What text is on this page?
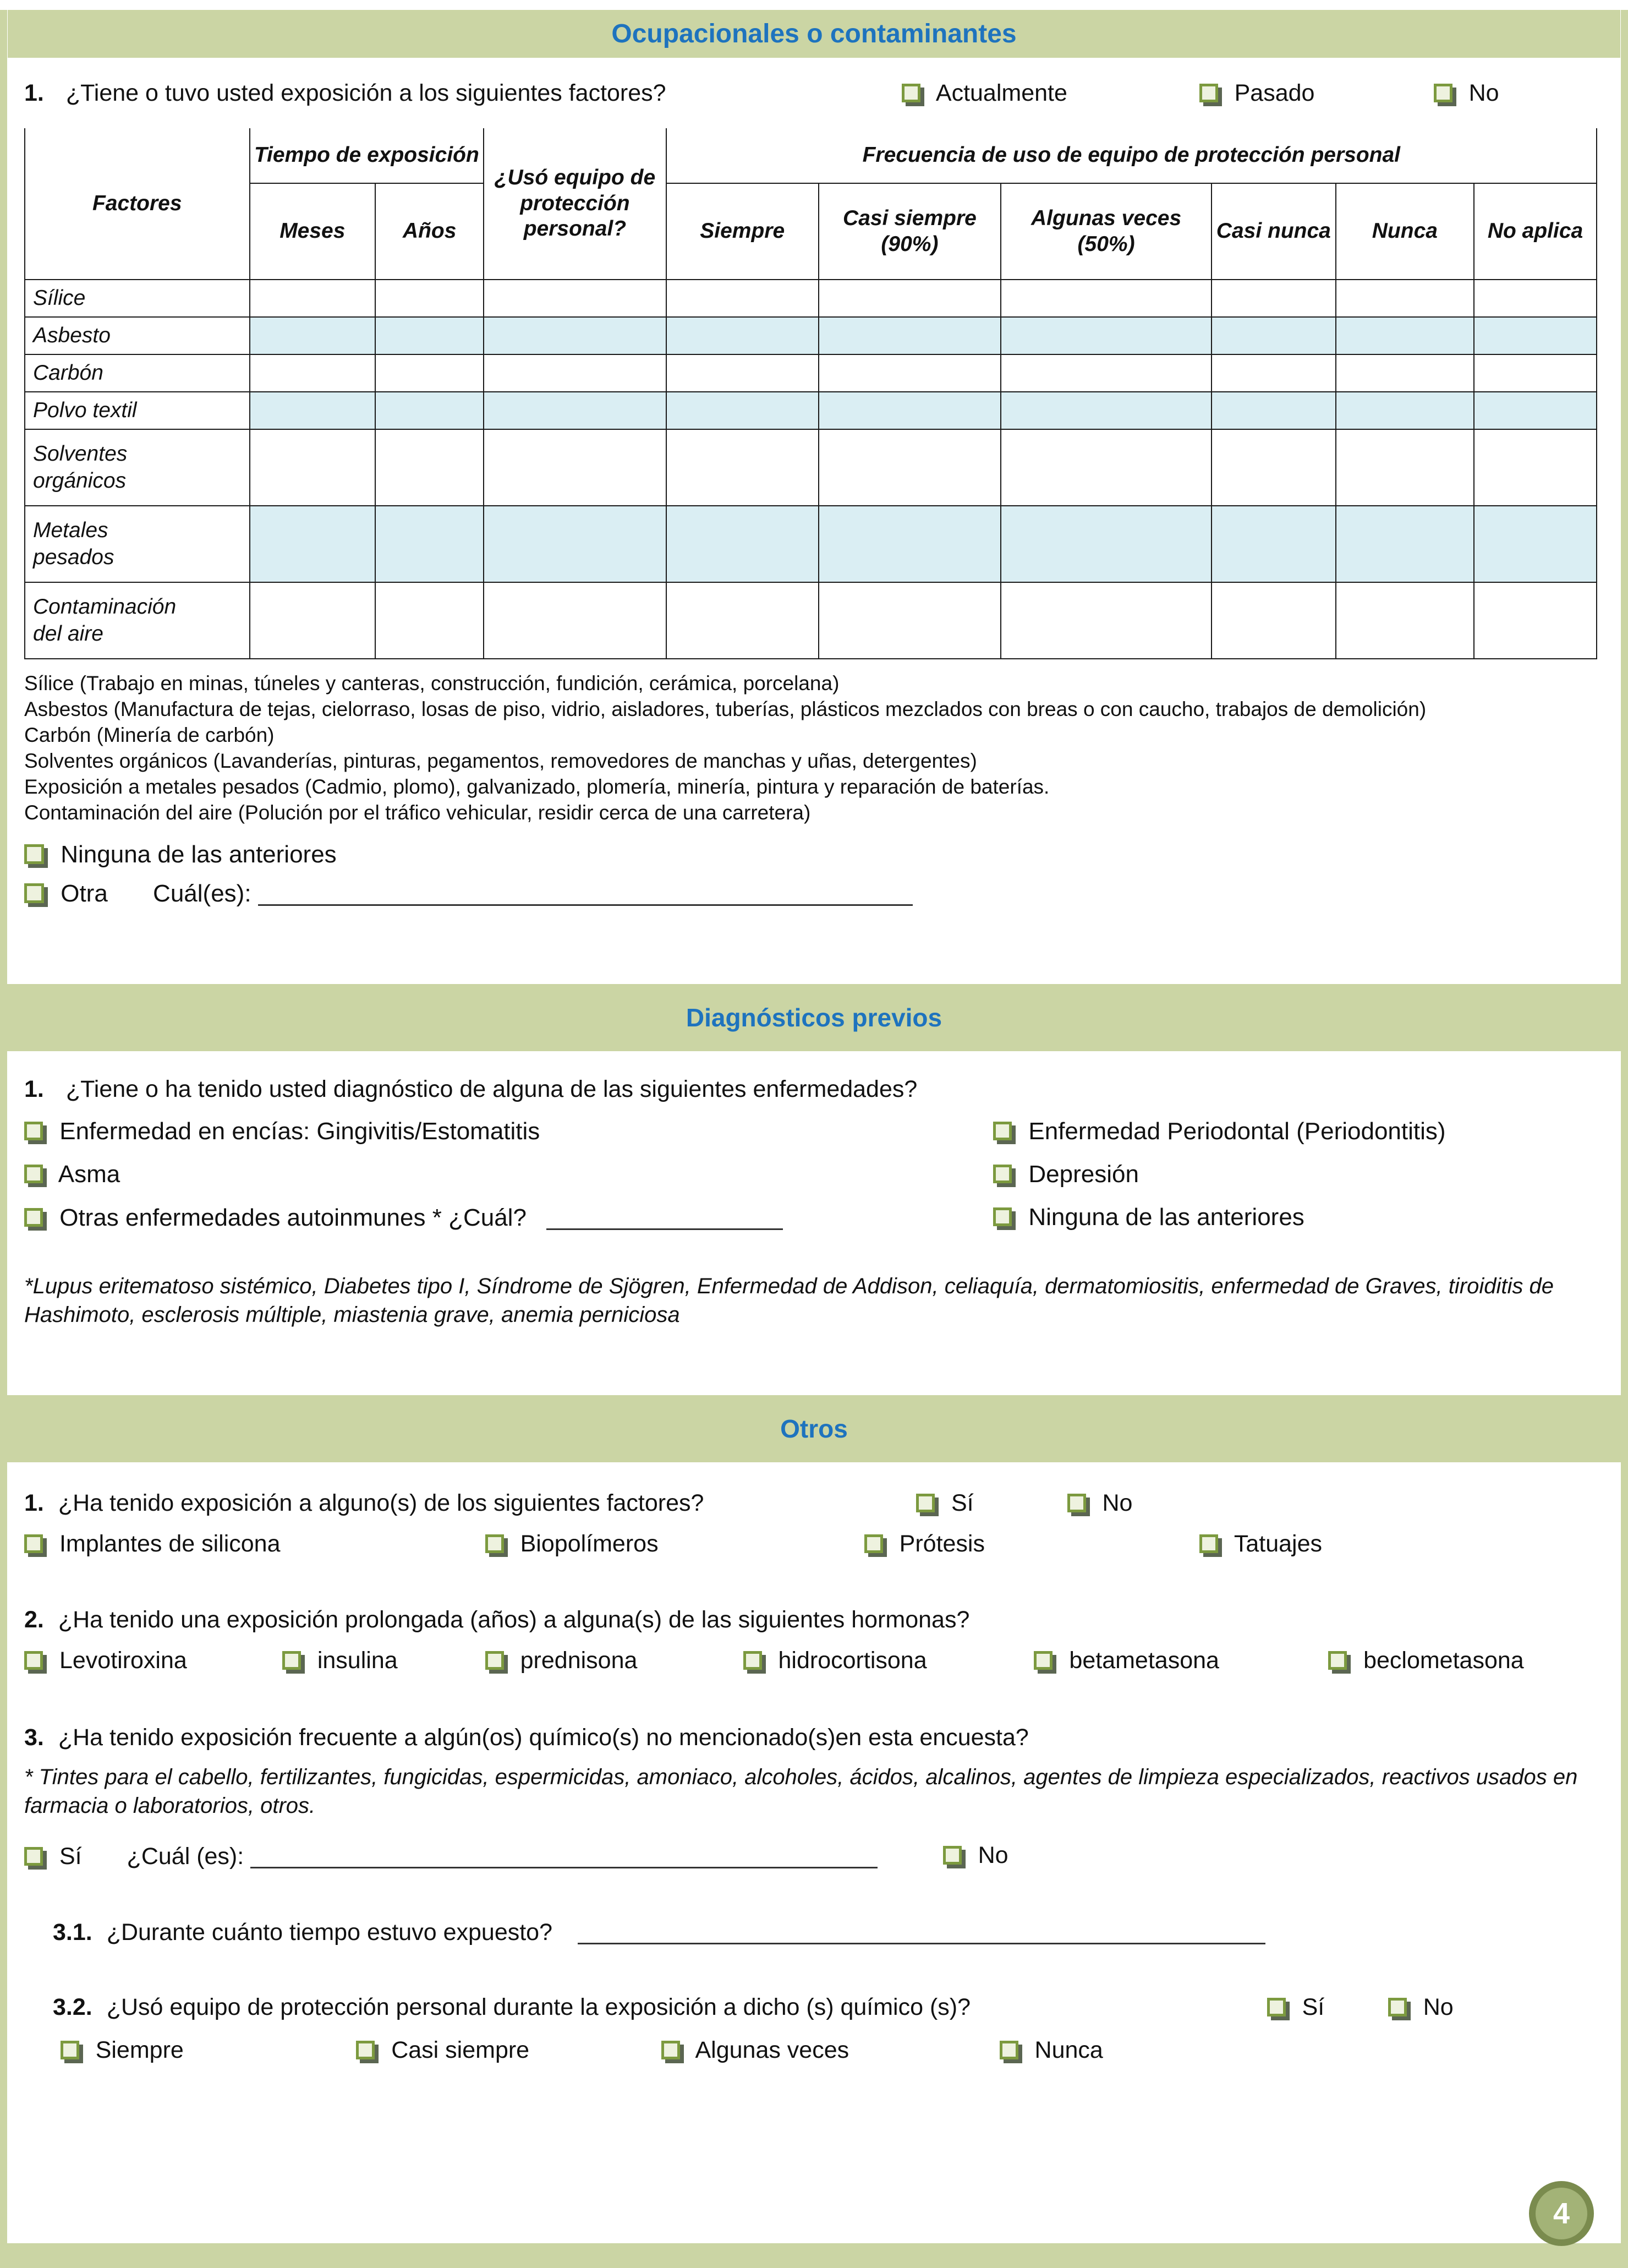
Ocupacionales o contaminantes
1. ¿Tiene o tuvo usted exposición a los siguientes factores?	Actualmente	Pasado	No
Factores	Tiempo de exposición		¿Usó equipo de protección personal?	Frecuencia de uso de equipo de protección personal					
	Meses	Años		Siempre	Casi siempre (90%)	Algunas veces (50%)	Casi nunca	Nunca	No aplica
Sílice									
Asbesto									
Carbón									
Polvo textil									
Solventes orgánicos									
Metales pesados									
Contaminación del aire									
Sílice (Trabajo en minas, túneles y canteras, construcción, fundición, cerámica, porcelana)
Asbestos (Manufactura de tejas, cielorraso, losas de piso, vidrio, aisladores, tuberías, plásticos mezclados con breas o con caucho, trabajos de demolición)
Carbón (Minería de carbón)
Solventes orgánicos (Lavanderías, pinturas, pegamentos, removedores de manchas y uñas, detergentes)
Exposición a metales pesados (Cadmio, plomo), galvanizado, plomería, minería, pintura y reparación de baterías.
Contaminación del aire (Polución por el tráfico vehicular, residir cerca de una carretera)
Ninguna de las anteriores
Otra Cuál(es):
Diagnósticos previos
1. ¿Tiene o ha tenido usted diagnóstico de alguna de las siguientes enfermedades?
Enfermedad en encías: Gingivitis/Estomatitis	Enfermedad Periodontal (Periodontitis)
Asma	Depresión
Otras enfermedades autoinmunes * ¿Cuál?	Ninguna de las anteriores
*Lupus eritematoso sistémico, Diabetes tipo I, Síndrome de Sjögren, Enfermedad de Addison, celiaquía, dermatomiositis, enfermedad de Graves, tiroiditis de Hashimoto, esclerosis múltiple, miastenia grave, anemia perniciosa
Otros
1. ¿Ha tenido exposición a alguno(s) de los siguientes factores?	Sí	No
Implantes de silicona	Biopolímeros	Prótesis	Tatuajes
2. ¿Ha tenido una exposición prolongada (años) a alguna(s) de las siguientes hormonas?
Levotiroxina	insulina	prednisona	hidrocortisona	betametasona	beclometasona
3. ¿Ha tenido exposición frecuente a algún(os) químico(s) no mencionado(s)en esta encuesta?
* Tintes para el cabello, fertilizantes, fungicidas, espermicidas, amoniaco, alcoholes, ácidos, alcalinos, agentes de limpieza especializados, reactivos usados en farmacia o laboratorios, otros.
Sí ¿Cuál (es):	No
3.1. ¿Durante cuánto tiempo estuvo expuesto?
3.2. ¿Usó equipo de protección personal durante la exposición a dicho (s) químico (s)?	Sí	No
Siempre	Casi siempre	Algunas veces	Nunca
4
